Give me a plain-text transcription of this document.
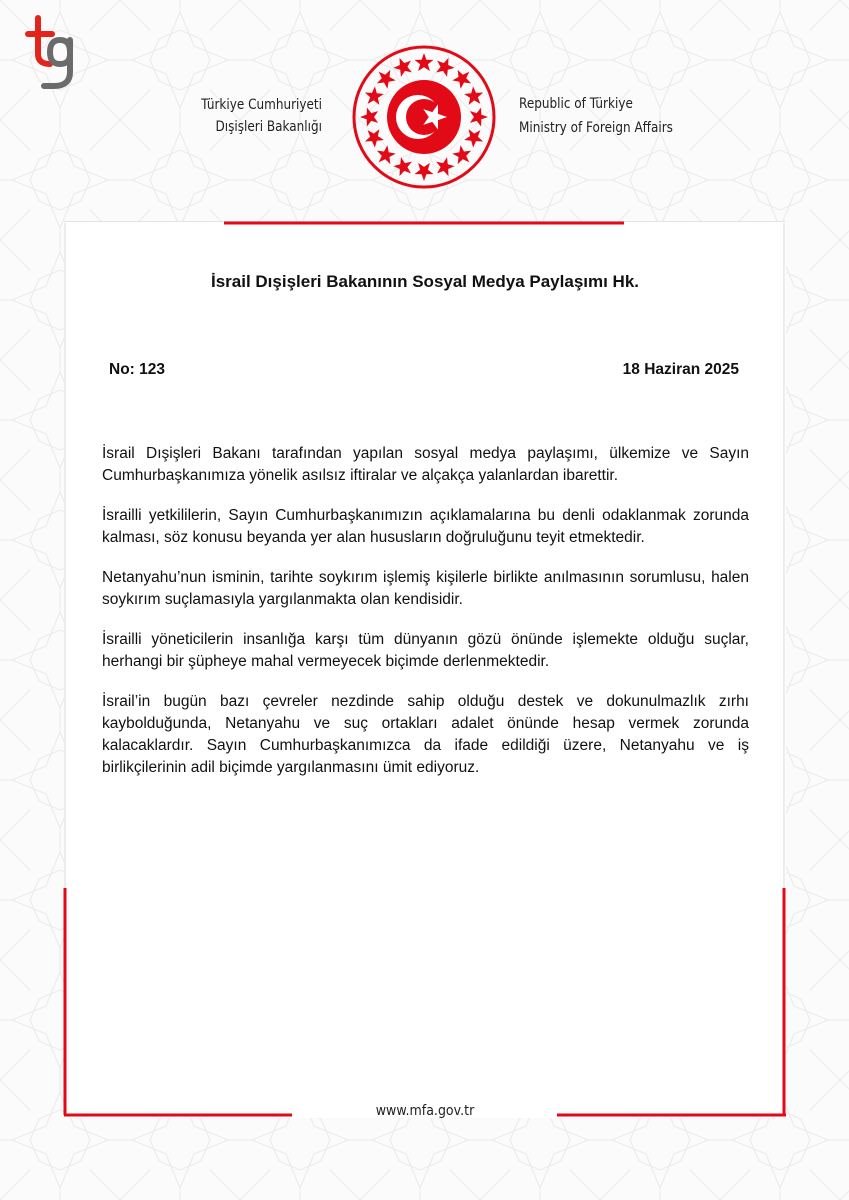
Türkiye Cumhuriyeti
Dışişleri Bakanlığı
Republic of Türkiye
Ministry of Foreign Affairs
İsrail Dışişleri Bakanının Sosyal Medya Paylaşımı Hk.
No: 123	18 Haziran 2025

İsrail Dışişleri Bakanı tarafından yapılan sosyal medya paylaşımı, ülkemize ve Sayın Cumhurbaşkanımıza yönelik asılsız iftiralar ve alçakça yalanlardan ibarettir.

İsrailli yetkililerin, Sayın Cumhurbaşkanımızın açıklamalarına bu denli odaklanmak zorunda kalması, söz konusu beyanda yer alan hususların doğruluğunu teyit etmektedir.

Netanyahu’nun isminin, tarihte soykırım işlemiş kişilerle birlikte anılmasının sorumlusu, halen soykırım suçlamasıyla yargılanmakta olan kendisidir.

İsrailli yöneticilerin insanlığa karşı tüm dünyanın gözü önünde işlemekte olduğu suçlar, herhangi bir şüpheye mahal vermeyecek biçimde derlenmektedir.

İsrail’in bugün bazı çevreler nezdinde sahip olduğu destek ve dokunulmazlık zırhı kaybolduğunda, Netanyahu ve suç ortakları adalet önünde hesap vermek zorunda kalacaklardır. Sayın Cumhurbaşkanımızca da ifade edildiği üzere, Netanyahu ve iş birlikçilerinin adil biçimde yargılanmasını ümit ediyoruz.

www.mfa.gov.tr
